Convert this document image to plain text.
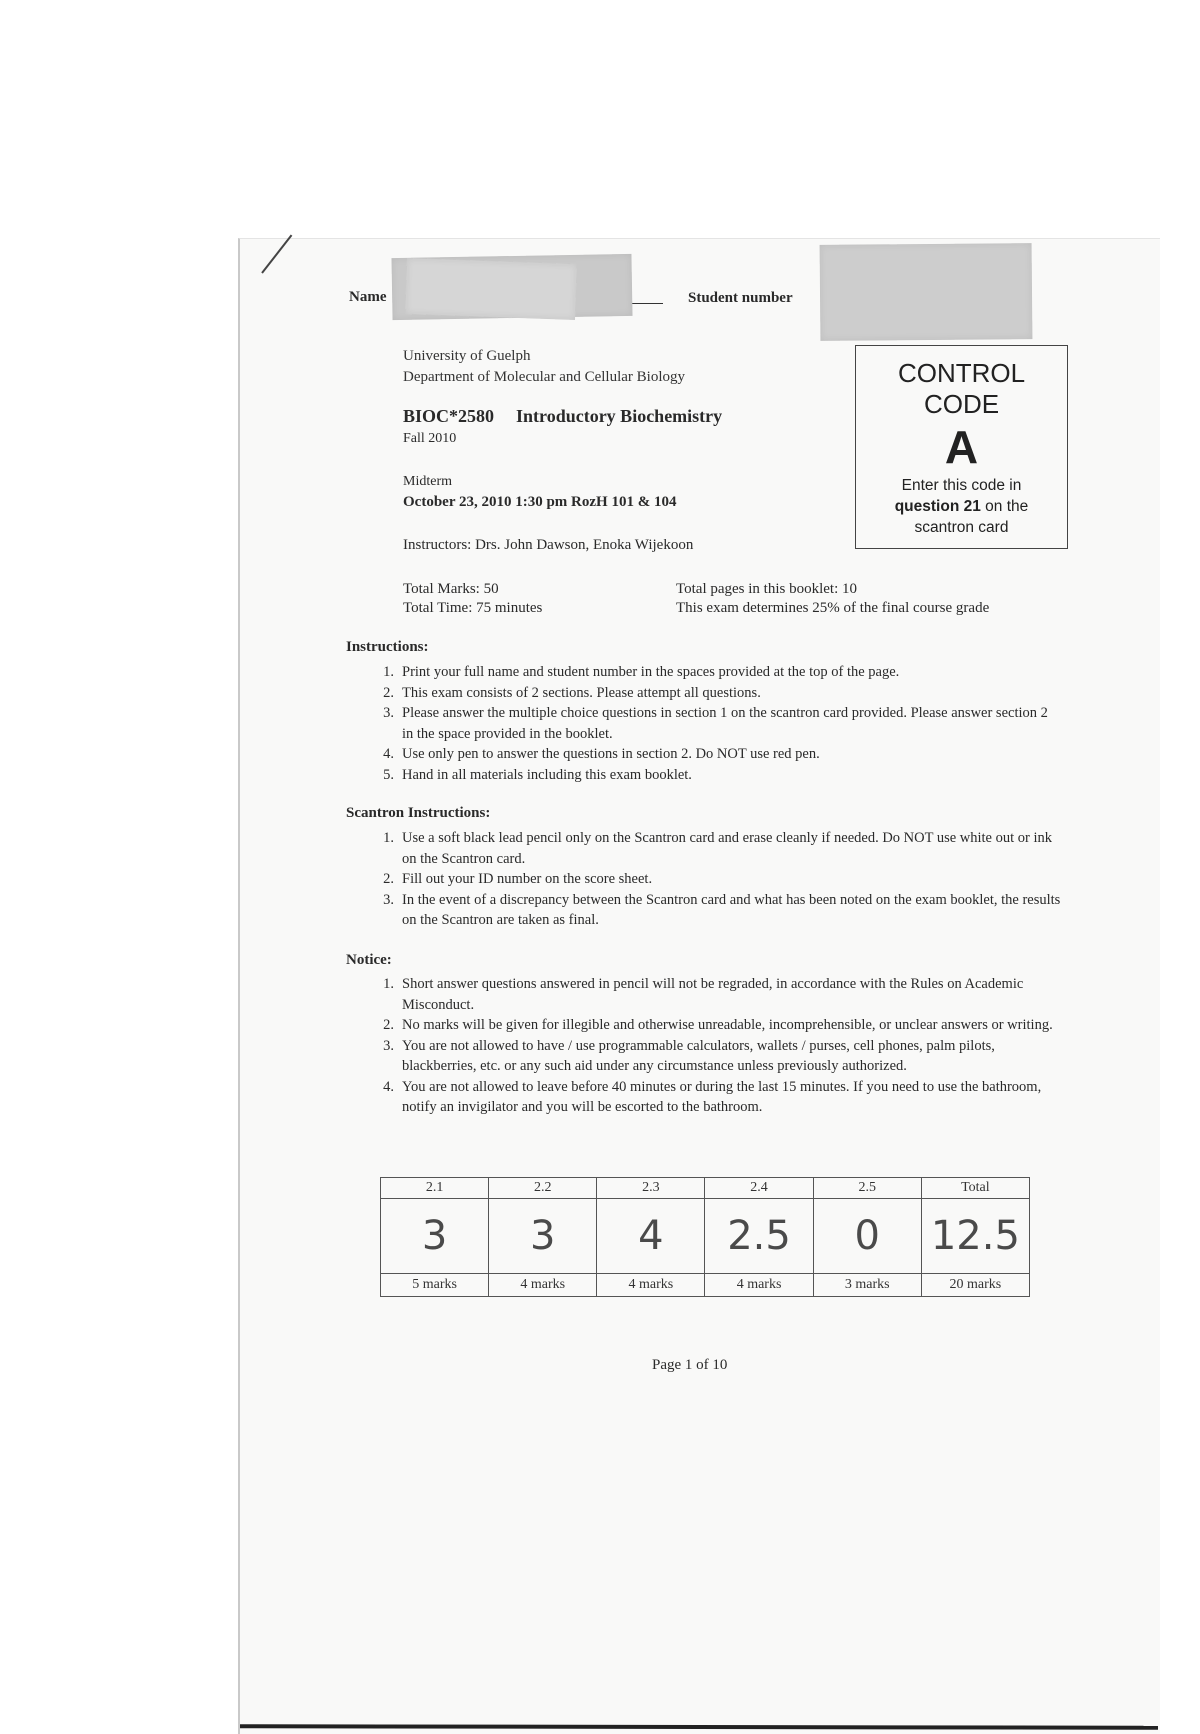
Name	Student number
University of Guelph
Department of Molecular and Cellular Biology
BIOC*2580 Introductory Biochemistry
Fall 2010
Midterm
October 23, 2010 1:30 pm RozH 101 & 104
Instructors: Drs. John Dawson, Enoka Wijekoon
CONTROL
CODE
A
Enter this code in
question 21 on the
scantron card
Total Marks: 50
Total Time: 75 minutes
Total pages in this booklet: 10
This exam determines 25% of the final course grade
Instructions:
1. Print your full name and student number in the spaces provided at the top of the page.
2. This exam consists of 2 sections. Please attempt all questions.
3. Please answer the multiple choice questions in section 1 on the scantron card provided. Please answer section 2 in the space provided in the booklet.
4. Use only pen to answer the questions in section 2. Do NOT use red pen.
5. Hand in all materials including this exam booklet.
Scantron Instructions:
1. Use a soft black lead pencil only on the Scantron card and erase cleanly if needed. Do NOT use white out or ink on the Scantron card.
2. Fill out your ID number on the score sheet.
3. In the event of a discrepancy between the Scantron card and what has been noted on the exam booklet, the results on the Scantron are taken as final.
Notice:
1. Short answer questions answered in pencil will not be regraded, in accordance with the Rules on Academic Misconduct.
2. No marks will be given for illegible and otherwise unreadable, incomprehensible, or unclear answers or writing.
3. You are not allowed to have / use programmable calculators, wallets / purses, cell phones, palm pilots, blackberries, etc. or any such aid under any circumstance unless previously authorized.
4. You are not allowed to leave before 40 minutes or during the last 15 minutes. If you need to use the bathroom, notify an invigilator and you will be escorted to the bathroom.
2.1	2.2	2.3	2.4	2.5	Total
3	3	4	2.5	0	12.5
5 marks	4 marks	4 marks	4 marks	3 marks	20 marks
Page 1 of 10
